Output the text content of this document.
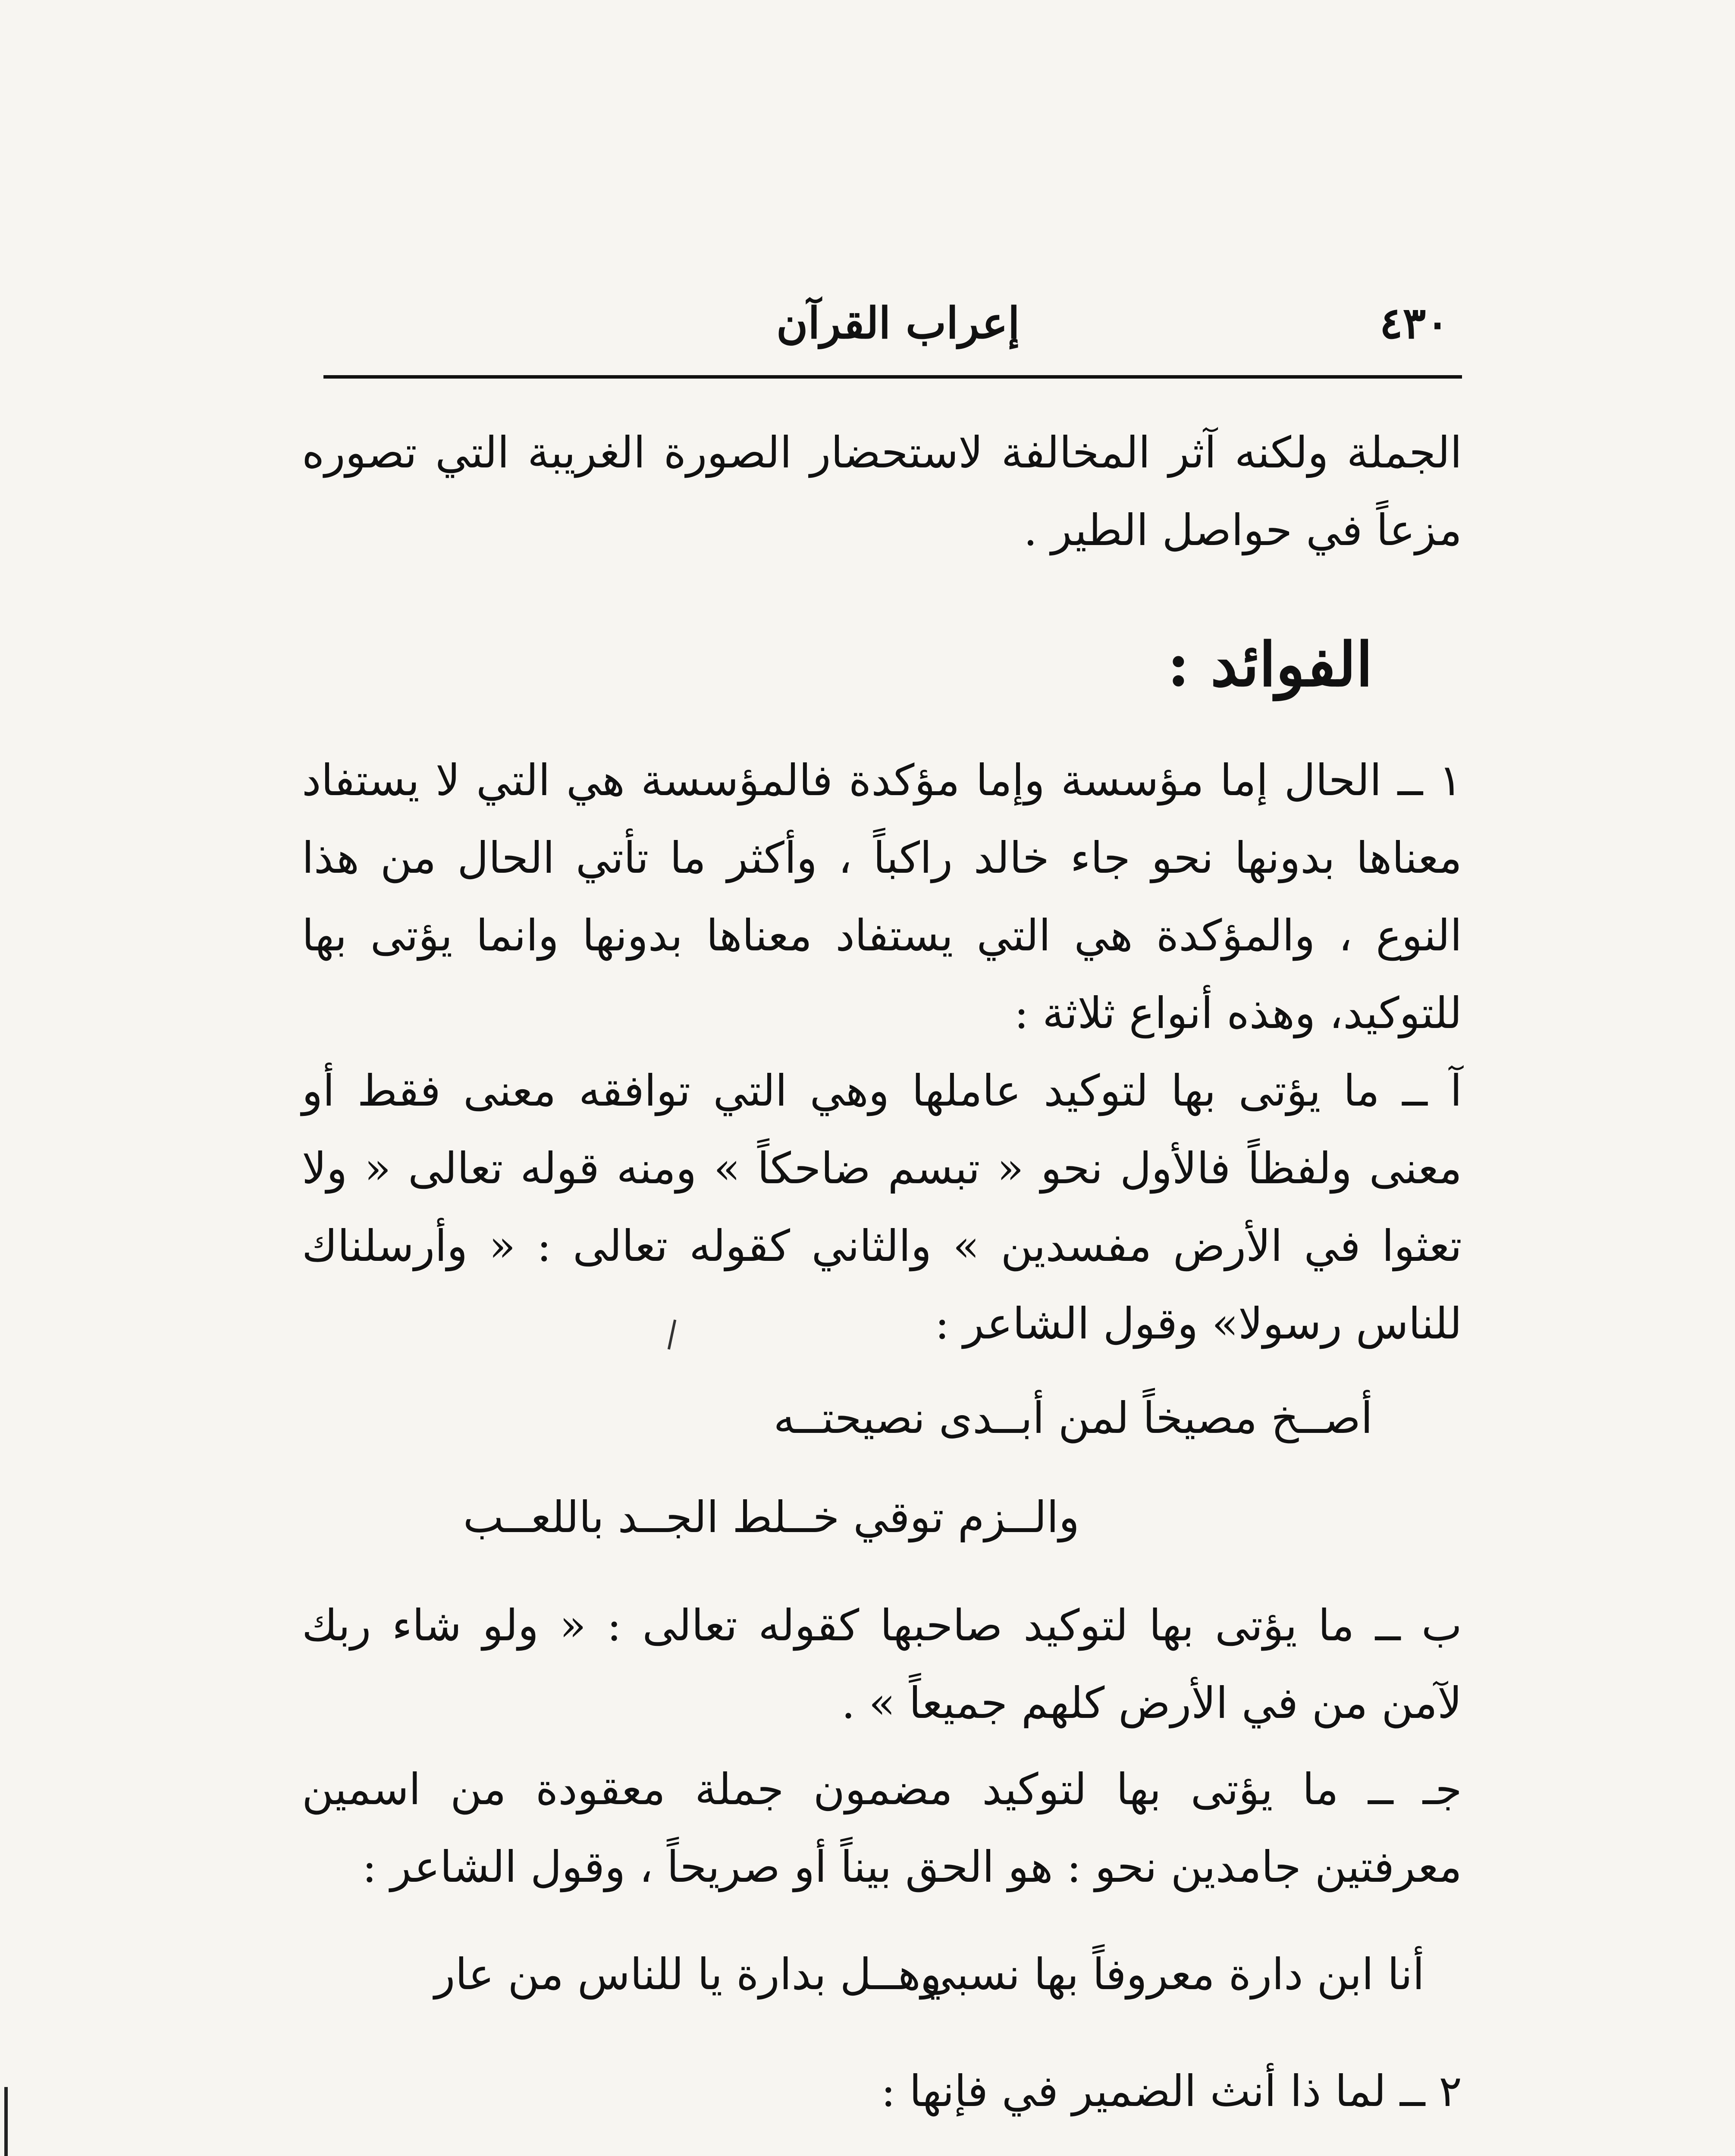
٤٣٠
إعراب القرآن

الجملة ولكنه آثر المخالفة لاستحضار الصورة الغريبة التي تصوره مزعاً في حواصل الطير .

الفوائد :

١ ــ الحال إما مؤسسة وإما مؤكدة فالمؤسسة هي التي لا يستفاد معناها بدونها نحو جاء خالد راكباً ، وأكثر ما تأتي الحال من هذا النوع ، والمؤكدة هي التي يستفاد معناها بدونها وانما يؤتى بها للتوكيد، وهذه أنواع ثلاثة :

آ ــ ما يؤتى بها لتوكيد عاملها وهي التي توافقه معنى فقط أو معنى ولفظاً فالأول نحو « تبسم ضاحكاً » ومنه قوله تعالى « ولا تعثوا في الأرض مفسدين » والثاني كقوله تعالى : « وأرسلناك للناس رسولا» وقول الشاعر :

أصــخ مصيخاً لمن أبــدى نصيحتــه
والــزم توقي خــلط الجــد باللعــب

ب ــ ما يؤتى بها لتوكيد صاحبها كقوله تعالى : « ولو شاء ربك لآمن من في الأرض كلهم جميعاً » .

جـ ــ ما يؤتى بها لتوكيد مضمون جملة معقودة من اسمين معرفتين جامدين نحو : هو الحق بيناً أو صريحاً ، وقول الشاعر :

أنا ابن دارة معروفاً بها نسبي
وهــل بدارة يا للناس من عار

٢ ــ لما ذا أنث الضمير في فإنها :
